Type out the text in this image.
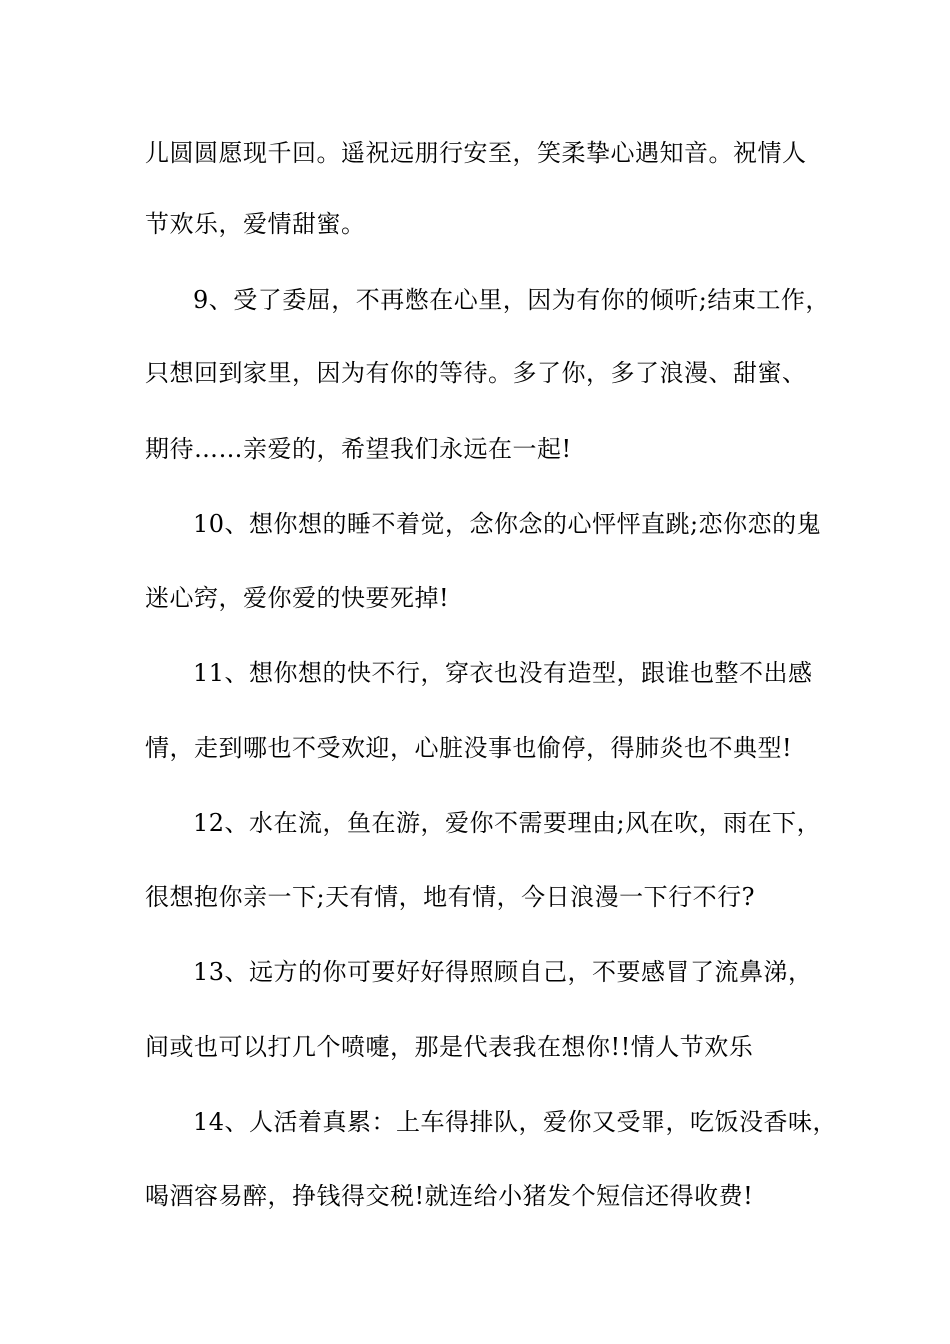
儿圆圆愿现千回。遥祝远朋行安至，笑柔挚心遇知音。祝情人
节欢乐，爱情甜蜜。
9、受了委屈，不再憋在心里，因为有你的倾听;结束工作，
只想回到家里，因为有你的等待。多了你，多了浪漫、甜蜜、
期待……亲爱的，希望我们永远在一起!
10、想你想的睡不着觉，念你念的心怦怦直跳;恋你恋的鬼
迷心窍，爱你爱的快要死掉!
11、想你想的快不行，穿衣也没有造型，跟谁也整不出感
情，走到哪也不受欢迎，心脏没事也偷停，得肺炎也不典型!
12、水在流，鱼在游，爱你不需要理由;风在吹，雨在下，
很想抱你亲一下;天有情，地有情，今日浪漫一下行不行?
13、远方的你可要好好得照顾自己，不要感冒了流鼻涕，
间或也可以打几个喷嚏，那是代表我在想你!!情人节欢乐
14、人活着真累：上车得排队，爱你又受罪，吃饭没香味，
喝酒容易醉，挣钱得交税!就连给小猪发个短信还得收费!
